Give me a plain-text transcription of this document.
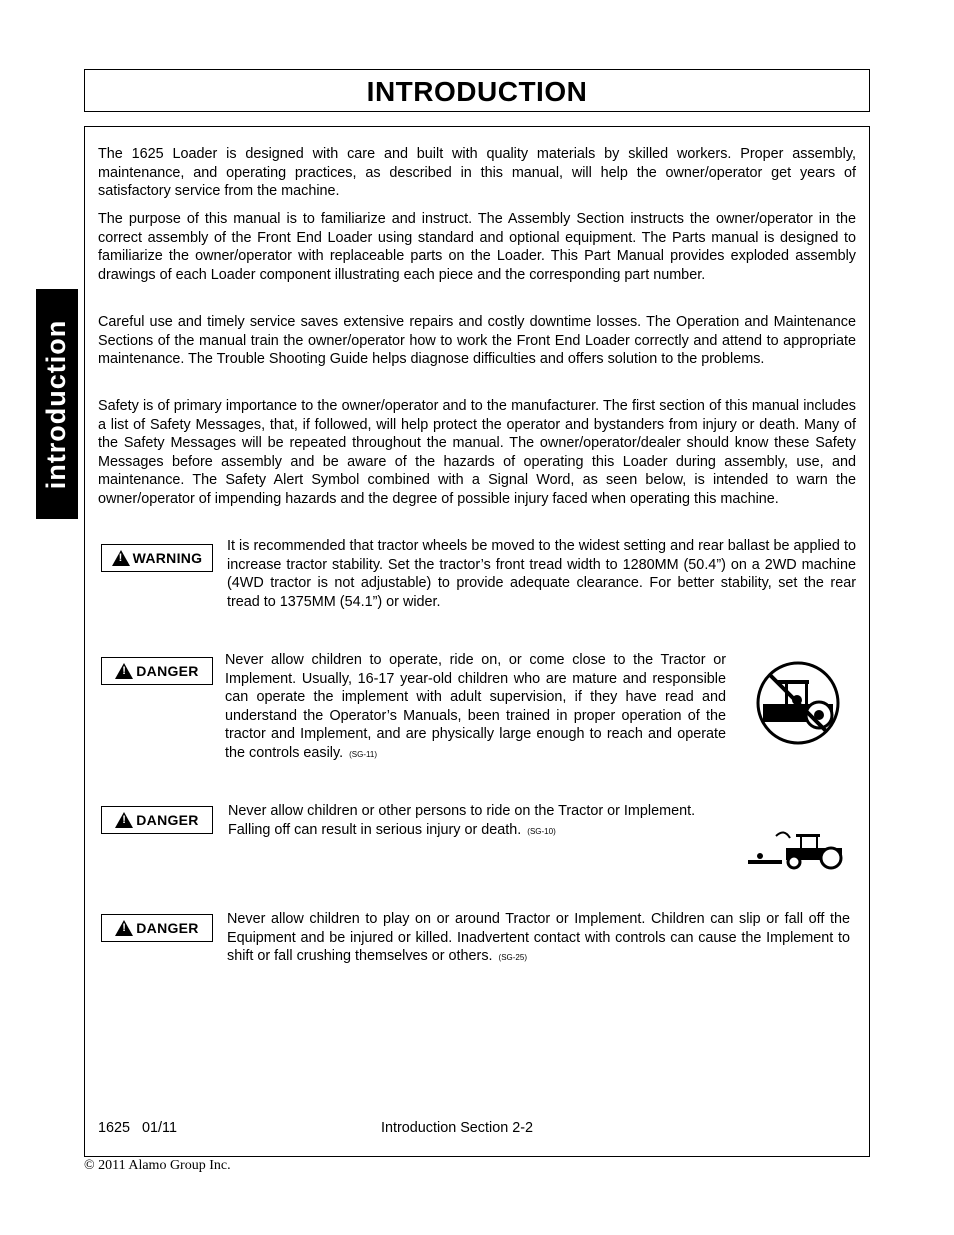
INTRODUCTION
introduction

The 1625 Loader is designed with care and built with quality materials by skilled workers. Proper assembly, maintenance, and operating practices, as described in this manual, will help the owner/operator get years of satisfactory service from the machine.

The purpose of this manual is to familiarize and instruct. The Assembly Section instructs the owner/operator in the correct assembly of the Front End Loader using standard and optional equipment. The Parts manual is designed to familiarize the owner/operator with replaceable parts on the Loader. This Part Manual provides exploded assembly drawings of each Loader component illustrating each piece and the corresponding part number.

Careful use and timely service saves extensive repairs and costly downtime losses. The Operation and Maintenance Sections of the manual train the owner/operator how to work the Front End Loader correctly and attend to appropriate maintenance. The Trouble Shooting Guide helps diagnose difficulties and offers solution to the problems.

Safety is of primary importance to the owner/operator and to the manufacturer. The first section of this manual includes a list of Safety Messages, that, if followed, will help protect the operator and bystanders from injury or death. Many of the Safety Messages will be repeated throughout the manual. The owner/operator/dealer should know these Safety Messages before assembly and be aware of the hazards of operating this Loader during assembly, use, and maintenance. The Safety Alert Symbol combined with a Signal Word, as seen below, is intended to warn the owner/operator of impending hazards and the degree of possible injury faced when operating this machine.

!
WARNING

It is recommended that tractor wheels be moved to the widest setting and rear ballast be applied to increase tractor stability. Set the tractor’s front tread width to 1280MM (50.4”) on a 2WD machine (4WD tractor is not adjustable) to provide adequate clearance. For better stability, set the rear tread to 1375MM (54.1”) or wider.

!
DANGER

Never allow children to operate, ride on, or come close to the Tractor or Implement. Usually, 16-17 year-old children who are mature and responsible can operate the implement with adult supervision, if they have read and understand the Operator’s Manuals, been trained in proper operation of the tractor and Implement, and are physically large enough to reach and operate the controls easily. (SG-11)

!
DANGER

Never allow children or other persons to ride on the Tractor or Implement. Falling off can result in serious injury or death. (SG-10)

!
DANGER

Never allow children to play on or around Tractor or Implement. Children can slip or fall off the Equipment and be injured or killed. Inadvertent contact with controls can cause the Implement to shift or fall crushing themselves or others. (SG-25)

1625 01/11	Introduction Section 2-2
© 2011 Alamo Group Inc.
